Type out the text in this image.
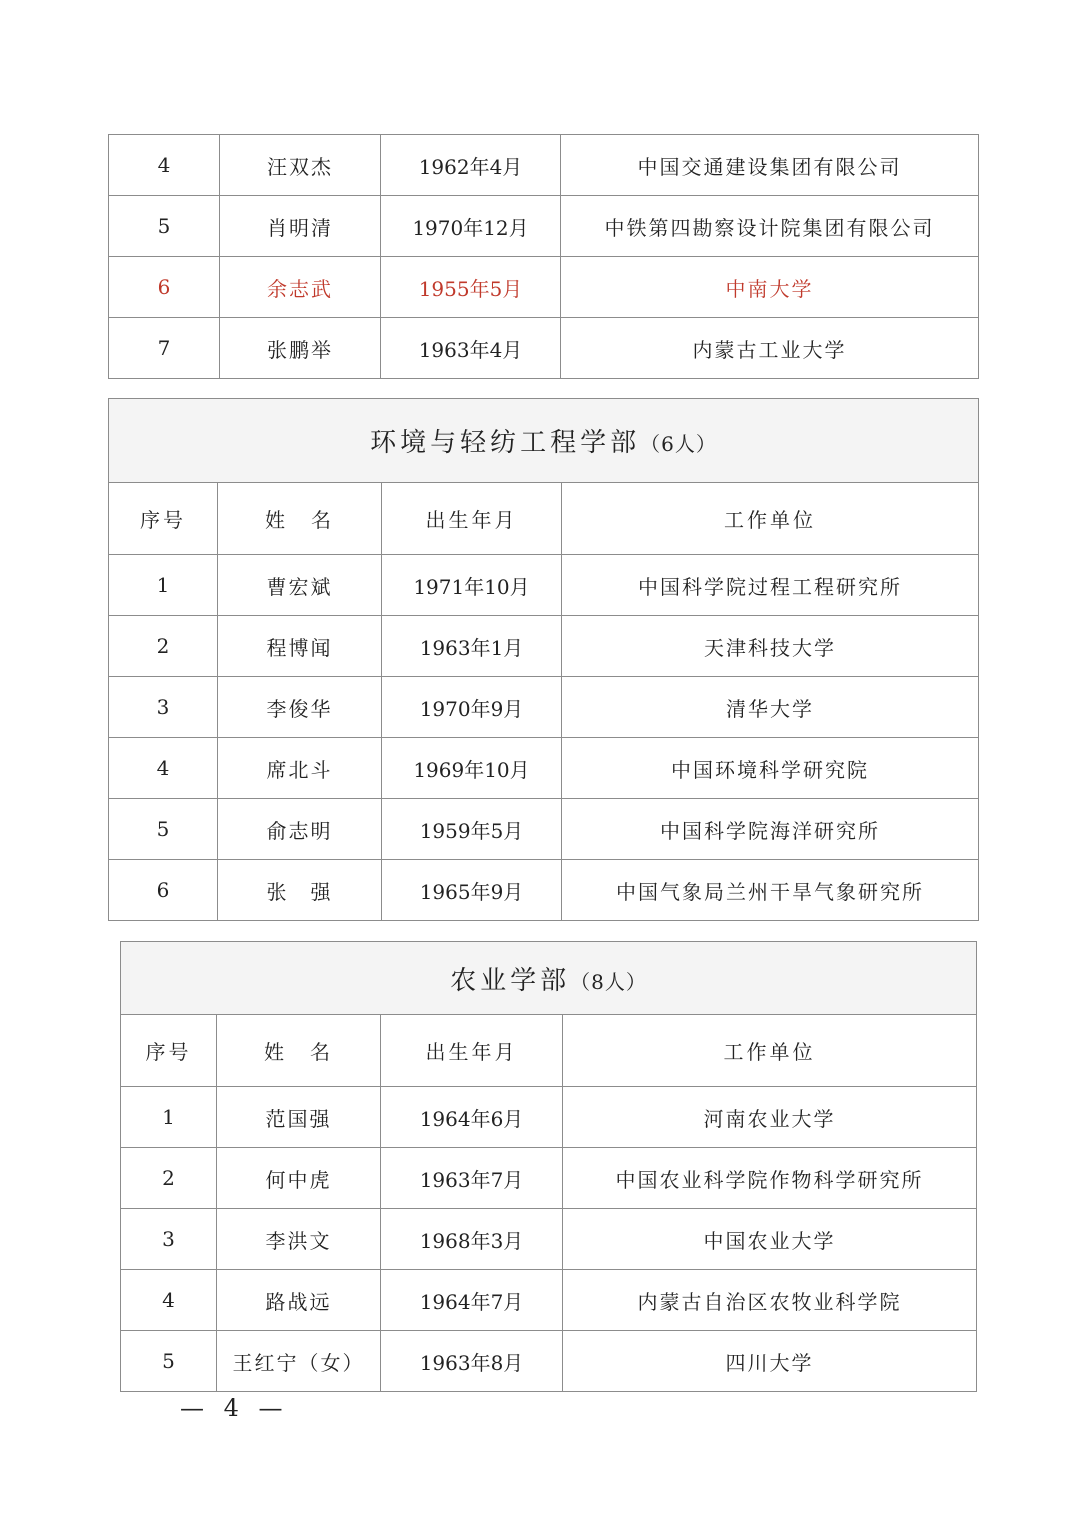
4	汪双杰	1962年4月	中国交通建设集团有限公司
5	肖明清	1970年12月	中铁第四勘察设计院集团有限公司
6	余志武	1955年5月	中南大学
7	张鹏举	1963年4月	内蒙古工业大学
环境与轻纺工程学部（6人）			
序号	姓　名	出生年月	工作单位
1	曹宏斌	1971年10月	中国科学院过程工程研究所
2	程博闻	1963年1月	天津科技大学
3	李俊华	1970年9月	清华大学
4	席北斗	1969年10月	中国环境科学研究院
5	俞志明	1959年5月	中国科学院海洋研究所
6	张　强	1965年9月	中国气象局兰州干旱气象研究所
农业学部（8人）			
序号	姓　名	出生年月	工作单位
1	范国强	1964年6月	河南农业大学
2	何中虎	1963年7月	中国农业科学院作物科学研究所
3	李洪文	1968年3月	中国农业大学
4	路战远	1964年7月	内蒙古自治区农牧业科学院
5	王红宁（女）	1963年8月	四川大学
— 4 —
